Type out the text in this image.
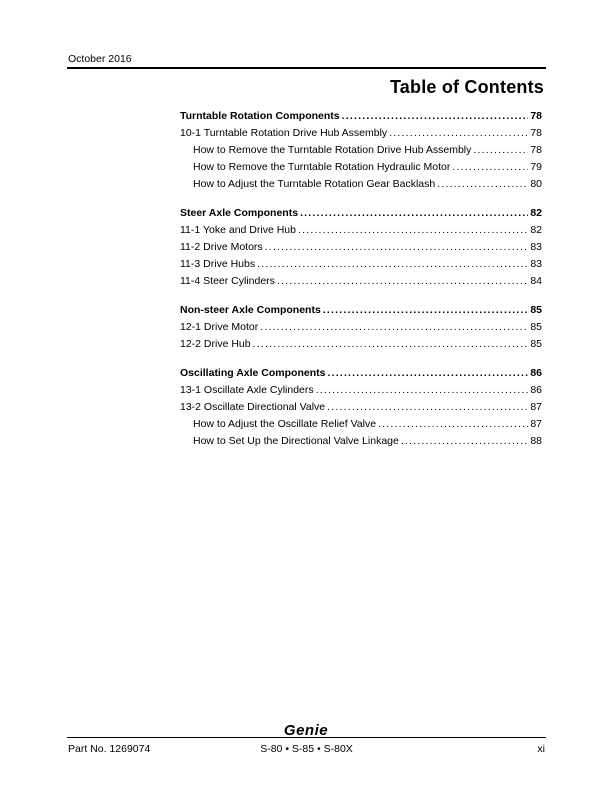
October 2016
Table of Contents
Turntable Rotation Components .....	78
10-1 Turntable Rotation Drive Hub Assembly .....	78
How to Remove the Turntable Rotation Drive Hub Assembly .....	78
How to Remove the Turntable Rotation Hydraulic Motor .....	79
How to Adjust the Turntable Rotation Gear Backlash .....	80
Steer Axle Components .....	82
11-1 Yoke and Drive Hub .....	82
11-2 Drive Motors .....	83
11-3 Drive Hubs .....	83
11-4 Steer Cylinders .....	84
Non-steer Axle Components .....	85
12-1 Drive Motor .....	85
12-2 Drive Hub .....	85
Oscillating Axle Components .....	86
13-1 Oscillate Axle Cylinders .....	86
13-2 Oscillate Directional Valve .....	87
How to Adjust the Oscillate Relief Valve .....	87
How to Set Up the Directional Valve Linkage .....	88
Genie
Part No. 1269074	S-80 • S-85 • S-80X	xi
